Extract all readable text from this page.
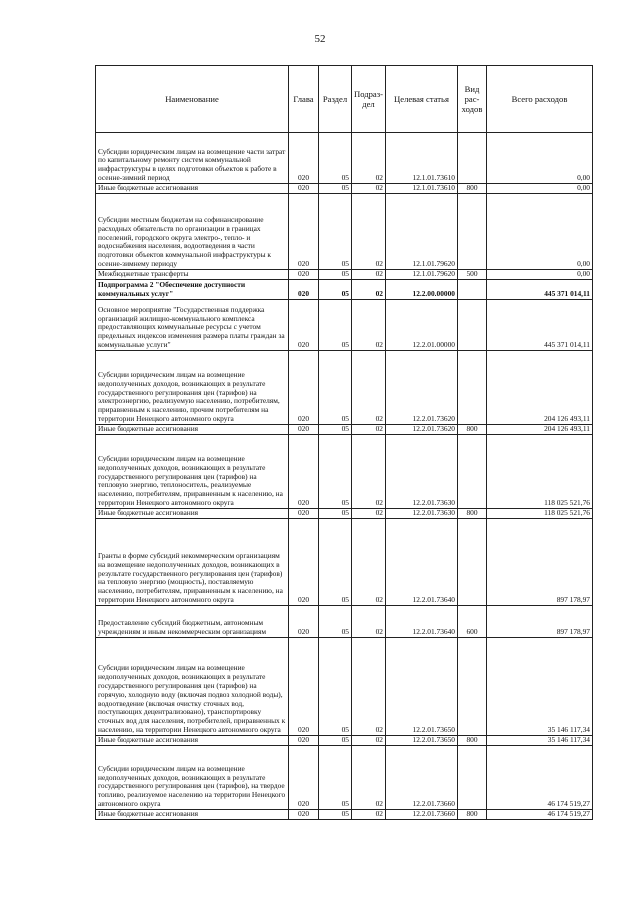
52
Наименование	Глава	Раздел	Подраз- дел	Целевая статья	Вид рас- ходов	Всего расходов
Субсидии юридическим лицам на возмещение части затрат по капитальному ремонту систем коммунальной инфраструктуры в целях подготовки объектов к работе в осенне-зимний период	020	05	02	12.1.01.73610		0,00
Иные бюджетные ассигнования	020	05	02	12.1.01.73610	800	0,00
Субсидии местным бюджетам на софинансирование расходных обязательств по организации в границах поселений, городского округа электро-, тепло- и водоснабжения населения, водоотведения в части подготовки объектов коммунальной инфраструктуры к осенне-зимнему периоду	020	05	02	12.1.01.79620		0,00
Межбюджетные трансферты	020	05	02	12.1.01.79620	500	0,00
Подпрограмма 2 "Обеспечение доступности коммунальных услуг"	020	05	02	12.2.00.00000		445 371 014,11
Основное мероприятие "Государственная поддержка организаций жилищно-коммунального комплекса предоставляющих коммунальные ресурсы с учетом предельных индексов изменения размера платы граждан за коммунальные услуги"	020	05	02	12.2.01.00000		445 371 014,11
Субсидии юридическим лицам на возмещение недополученных доходов, возникающих в результате государственного регулирования цен (тарифов) на электроэнергию, реализуемую населению, потребителям, приравненным к населению, прочим потребителям на территории Ненецкого автономного округа	020	05	02	12.2.01.73620		204 126 493,11
Иные бюджетные ассигнования	020	05	02	12.2.01.73620	800	204 126 493,11
Субсидии юридическим лицам на возмещение недополученных доходов, возникающих в результате государственного регулирования цен (тарифов) на тепловую энергию, теплоноситель, реализуемые населению, потребителям, приравненным к населению, на территории Ненецкого автономного округа	020	05	02	12.2.01.73630		118 025 521,76
Иные бюджетные ассигнования	020	05	02	12.2.01.73630	800	118 025 521,76
Гранты в форме субсидий некоммерческим организациям на возмещение недополученных доходов, возникающих в результате государственного регулирования цен (тарифов) на тепловую энергию (мощность), поставляемую населению, потребителям, приравненным к населению, на территории Ненецкого автономного округа	020	05	02	12.2.01.73640		897 178,97
Предоставление субсидий бюджетным, автономным учреждениям и иным некоммерческим организациям	020	05	02	12.2.01.73640	600	897 178,97
Субсидии юридическим лицам на возмещение недополученных доходов, возникающих в результате государственного регулирования цен (тарифов) на горячую, холодную воду (включая подвоз холодной воды), водоотведение (включая очистку сточных вод, поступающих децентрализовано), транспортировку сточных вод для населения, потребителей, приравненных к населению, на территории Ненецкого автономного округа	020	05	02	12.2.01.73650		35 146 117,34
Иные бюджетные ассигнования	020	05	02	12.2.01.73650	800	35 146 117,34
Субсидии юридическим лицам на возмещение недополученных доходов, возникающих в результате государственного регулирования цен (тарифов), на твердое топливо, реализуемое населению на территории Ненецкого автономного округа	020	05	02	12.2.01.73660		46 174 519,27
Иные бюджетные ассигнования	020	05	02	12.2.01.73660	800	46 174 519,27
